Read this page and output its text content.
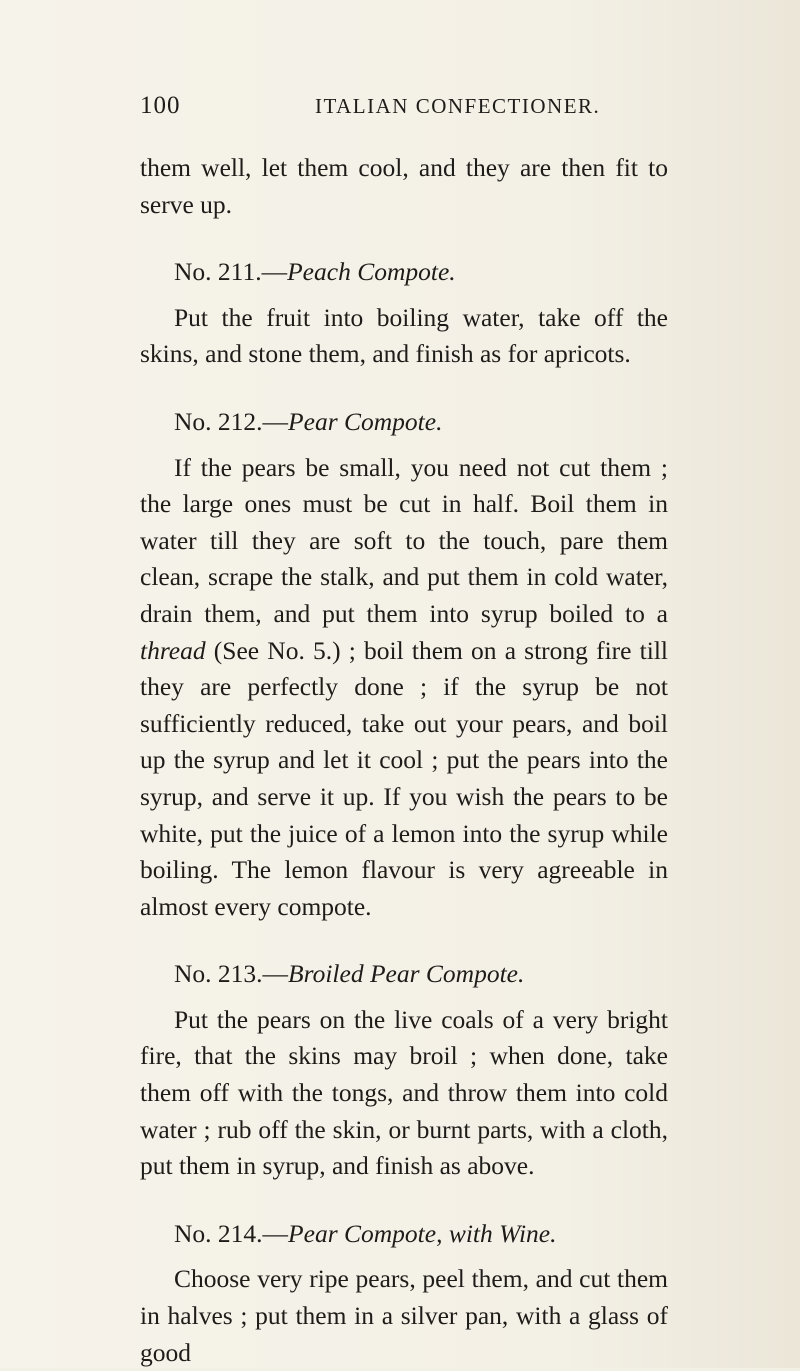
100	ITALIAN CONFECTIONER.

them well, let them cool, and they are then fit to serve up.

No. 211.—Peach Compote.

Put the fruit into boiling water, take off the skins, and stone them, and finish as for apricots.

No. 212.—Pear Compote.

If the pears be small, you need not cut them ; the large ones must be cut in half. Boil them in water till they are soft to the touch, pare them clean, scrape the stalk, and put them in cold water, drain them, and put them into syrup boiled to a thread (See No. 5.) ; boil them on a strong fire till they are perfectly done ; if the syrup be not sufficiently reduced, take out your pears, and boil up the syrup and let it cool ; put the pears into the syrup, and serve it up. If you wish the pears to be white, put the juice of a lemon into the syrup while boiling. The lemon flavour is very agreeable in almost every compote.

No. 213.—Broiled Pear Compote.

Put the pears on the live coals of a very bright fire, that the skins may broil ; when done, take them off with the tongs, and throw them into cold water ; rub off the skin, or burnt parts, with a cloth, put them in syrup, and finish as above.

No. 214.—Pear Compote, with Wine.

Choose very ripe pears, peel them, and cut them in halves ; put them in a silver pan, with a glass of good
